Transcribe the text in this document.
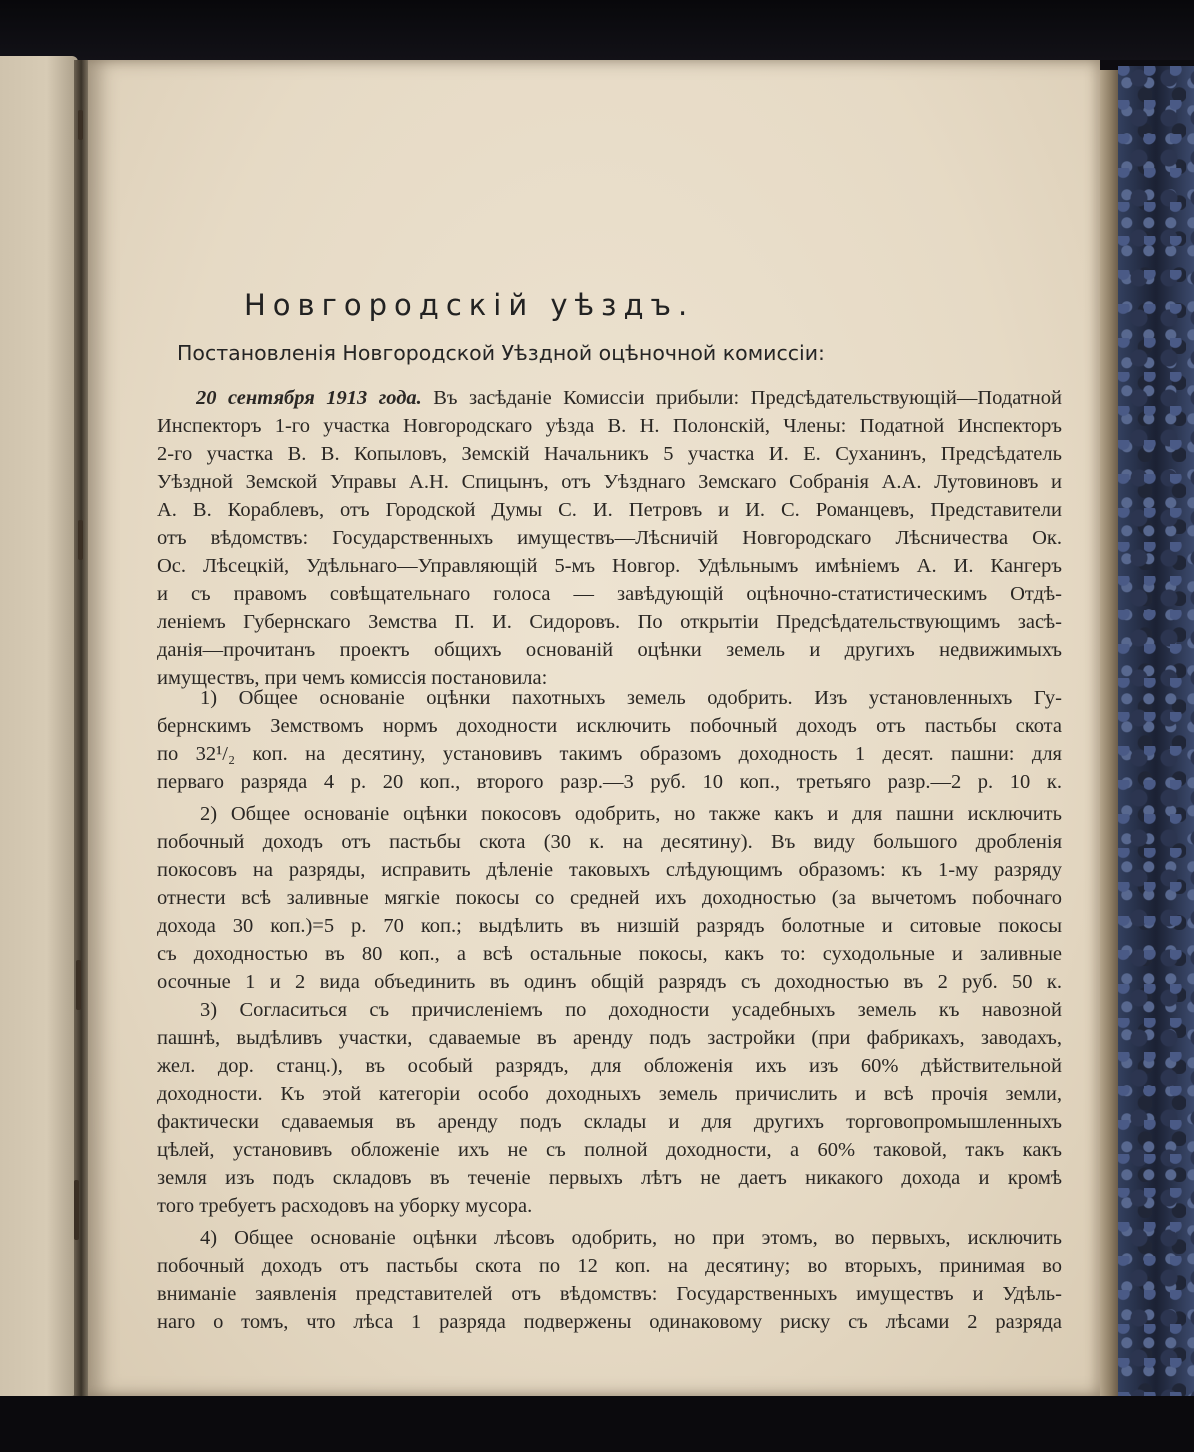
Новгородскій уѣздъ.
Постановленія Новгородской Уѣздной оцѣночной комиссіи:
20 сентября 1913 года. Въ засѣданіе Комиссіи прибыли: Предсѣдательствующій—Податной
Инспекторъ 1-го участка Новгородскаго уѣзда В. Н. Полонскій, Члены: Податной Инспекторъ
2-го участка В. В. Копыловъ, Земскій Начальникъ 5 участка И. Е. Суханинъ, Предсѣдатель
Уѣздной Земской Управы А.Н. Спицынъ, отъ Уѣзднаго Земскаго Собранія А.А. Лутовиновъ и
А. В. Кораблевъ, отъ Городской Думы С. И. Петровъ и И. С. Романцевъ, Представители
отъ вѣдомствъ: Государственныхъ имуществъ—Лѣсничій Новгородскаго Лѣсничества Ок.
Ос. Лѣсецкій, Удѣльнаго—Управляющій 5-мъ Новгор. Удѣльнымъ имѣніемъ А. И. Кангеръ
и съ правомъ совѣщательнаго голоса — завѣдующій оцѣночно-статистическимъ Отдѣ-
леніемъ Губернскаго Земства П. И. Сидоровъ. По открытіи Предсѣдательствующимъ засѣ-
данія—прочитанъ проектъ общихъ основаній оцѣнки земель и другихъ недвижимыхъ
имуществъ, при чемъ комиссія постановила:
1) Общее основаніе оцѣнки пахотныхъ земель одобрить. Изъ установленныхъ Гу-
бернскимъ Земствомъ нормъ доходности исключить побочный доходъ отъ пастьбы скота
по 32¹/₂ коп. на десятину, установивъ такимъ образомъ доходность 1 десят. пашни: для
перваго разряда 4 р. 20 коп., второго разр.—3 руб. 10 коп., третьяго разр.—2 р. 10 к.
2) Общее основаніе оцѣнки покосовъ одобрить, но также какъ и для пашни исключить
побочный доходъ отъ пастьбы скота (30 к. на десятину). Въ виду большого дробленія
покосовъ на разряды, исправить дѣленіе таковыхъ слѣдующимъ образомъ: къ 1-му разряду
отнести всѣ заливные мягкіе покосы со средней ихъ доходностью (за вычетомъ побочнаго
дохода 30 коп.)=5 р. 70 коп.; выдѣлить въ низшій разрядъ болотные и ситовые покосы
съ доходностью въ 80 коп., а всѣ остальные покосы, какъ то: суходольные и заливные
осочные 1 и 2 вида объединить въ одинъ общій разрядъ съ доходностью въ 2 руб. 50 к.
3) Согласиться съ причисленіемъ по доходности усадебныхъ земель къ навозной
пашнѣ, выдѣливъ участки, сдаваемые въ аренду подъ застройки (при фабрикахъ, заводахъ,
жел. дор. станц.), въ особый разрядъ, для обложенія ихъ изъ 60% дѣйствительной
доходности. Къ этой категоріи особо доходныхъ земель причислить и всѣ прочія земли,
фактически сдаваемыя въ аренду подъ склады и для другихъ торговопромышленныхъ
цѣлей, установивъ обложеніе ихъ не съ полной доходности, а 60% таковой, такъ какъ
земля изъ подъ складовъ въ теченіе первыхъ лѣтъ не даетъ никакого дохода и кромѣ
того требуетъ расходовъ на уборку мусора.
4) Общее основаніе оцѣнки лѣсовъ одобрить, но при этомъ, во первыхъ, исключить
побочный доходъ отъ пастьбы скота по 12 коп. на десятину; во вторыхъ, принимая во
вниманіе заявленія представителей отъ вѣдомствъ: Государственныхъ имуществъ и Удѣль-
наго о томъ, что лѣса 1 разряда подвержены одинаковому риску съ лѣсами 2 разряда
